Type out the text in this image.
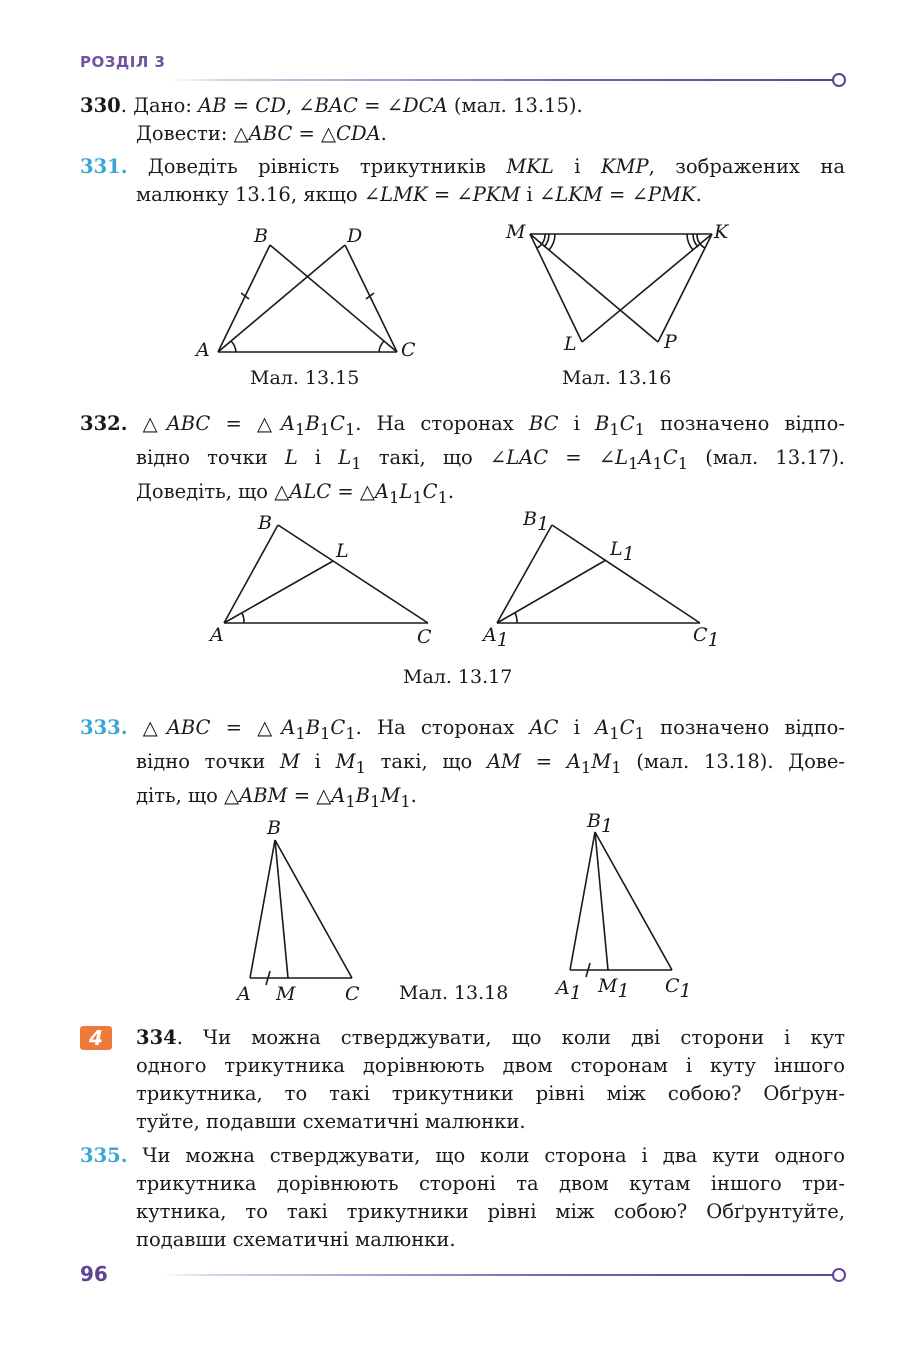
РОЗДІЛ 3
330. Дано: AB = CD, ∠BAC = ∠DCA (мал. 13.15).
Довести: △ABC = △CDA.
331. Доведіть рівність трикутників MKL і KMP, зображених на
малюнку 13.16, якщо ∠LMK = ∠PKM і ∠LKM = ∠PMK.
A
B
C
D
Мал. 13.15
M	K
L	P
Мал. 13.16
332. △ABC = $\triangle A_1B_1C_1$. На сторонах BC і $B_1C_1$ позначено відпо-
відно точки L і $L_1$ такі, що ∠LAC = $\angle L_1A_1C_1$ (мал. 13.17).
Доведіть, що △ALC = $\triangle A_1L_1C_1$.
A
B
C
L
A1
B1
C1
L1
Мал. 13.17
333. △ABC = $\triangle A_1B_1C_1$. На сторонах AC і $A_1C_1$ позначено відпо-
відно точки M і $M_1$ такі, що AM = $A_1M_1$ (мал. 13.18). Дове-
діть, що △ABM = $\triangle A_1B_1M_1$.
A
B
C
M	A1
B1
C1
M1
Мал. 13.18
4	334. Чи можна стверджувати, що коли дві сторони і кут
одного трикутника дорівнюють двом сторонам і куту іншого
трикутника, то такі трикутники рівні між собою? Обґрун-
туйте, подавши схематичні малюнки.
335. Чи можна стверджувати, що коли сторона і два кути одного
трикутника дорівнюють стороні та двом кутам іншого три-
кутника, то такі трикутники рівні між собою? Обґрунтуйте,
подавши схематичні малюнки.
96
